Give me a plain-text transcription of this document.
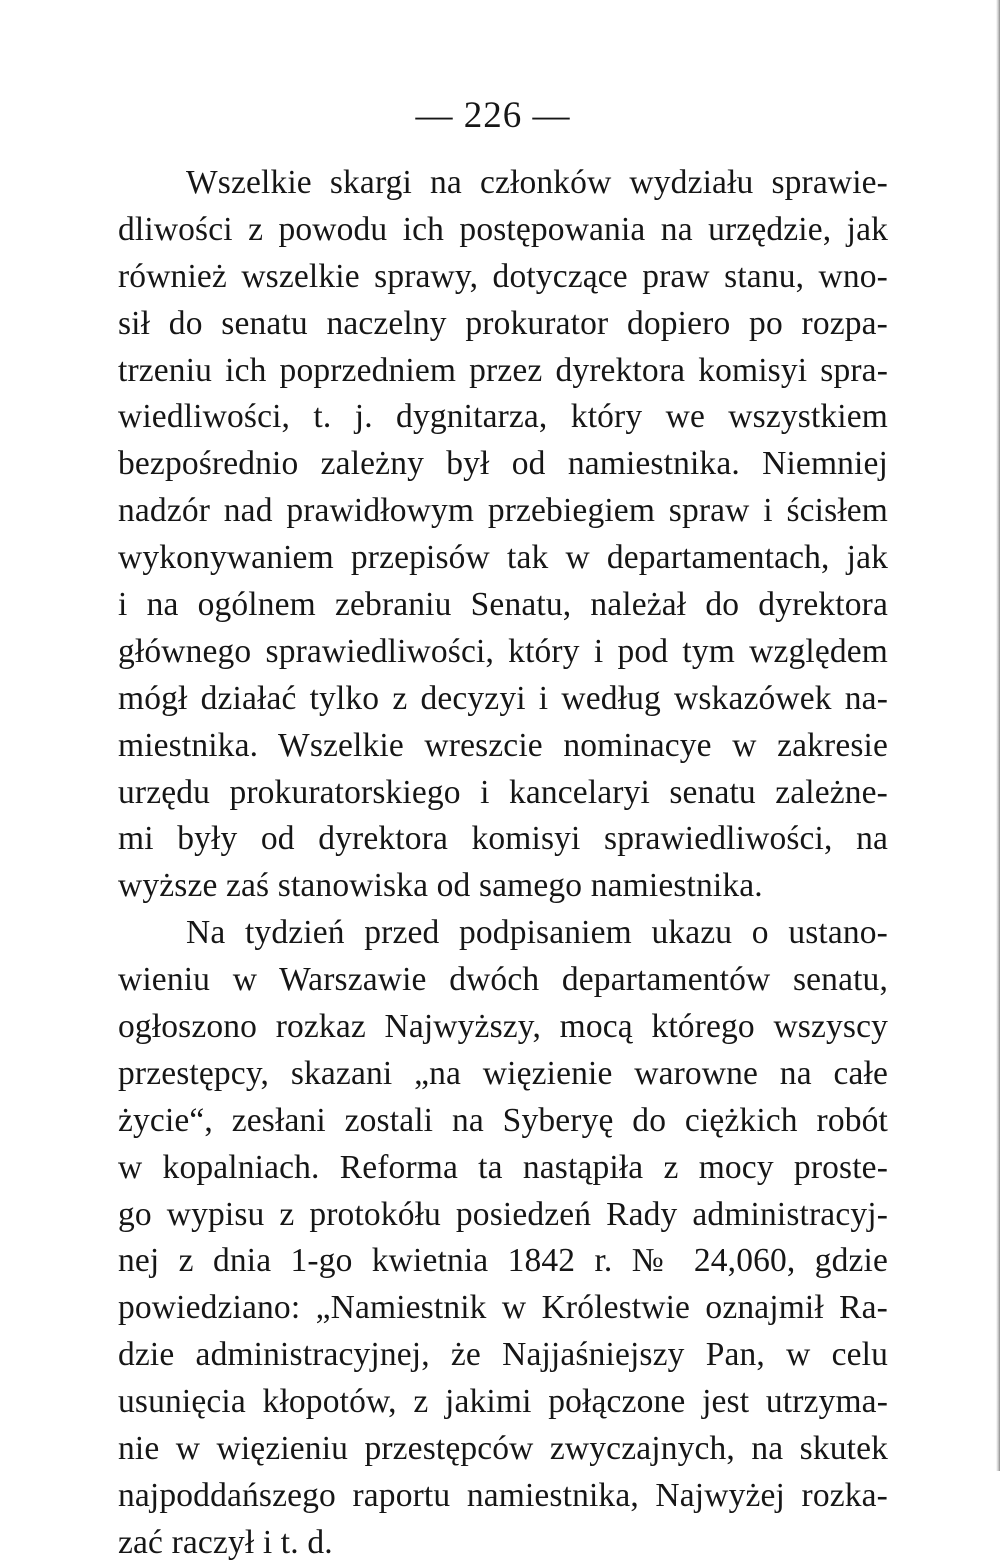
— 226 —
Wszelkie skargi na członków wydziału sprawie-
dliwości z powodu ich postępowania na urzędzie, jak
również wszelkie sprawy, dotyczące praw stanu, wno-
sił do senatu naczelny prokurator dopiero po rozpa-
trzeniu ich poprzedniem przez dyrektora komisyi spra-
wiedliwości, t. j. dygnitarza, który we wszystkiem
bezpośrednio zależny był od namiestnika. Niemniej
nadzór nad prawidłowym przebiegiem spraw i ścisłem
wykonywaniem przepisów tak w departamentach, jak
i na ogólnem zebraniu Senatu, należał do dyrektora
głównego sprawiedliwości, który i pod tym względem
mógł działać tylko z decyzyi i według wskazówek na-
miestnika. Wszelkie wreszcie nominacye w zakresie
urzędu prokuratorskiego i kancelaryi senatu zależne-
mi były od dyrektora komisyi sprawiedliwości, na
wyższe zaś stanowiska od samego namiestnika.
Na tydzień przed podpisaniem ukazu o ustano-
wieniu w Warszawie dwóch departamentów senatu,
ogłoszono rozkaz Najwyższy, mocą którego wszyscy
przestępcy, skazani „na więzienie warowne na całe
życie“, zesłani zostali na Syberyę do ciężkich robót
w kopalniach. Reforma ta nastąpiła z mocy proste-
go wypisu z protokółu posiedzeń Rady administracyj-
nej z dnia 1-go kwietnia 1842 r. № 24,060, gdzie
powiedziano: „Namiestnik w Królestwie oznajmił Ra-
dzie administracyjnej, że Najjaśniejszy Pan, w celu
usunięcia kłopotów, z jakimi połączone jest utrzyma-
nie w więzieniu przestępców zwyczajnych, na skutek
najpoddańszego raportu namiestnika, Najwyżej rozka-
zać raczył i t. d.
